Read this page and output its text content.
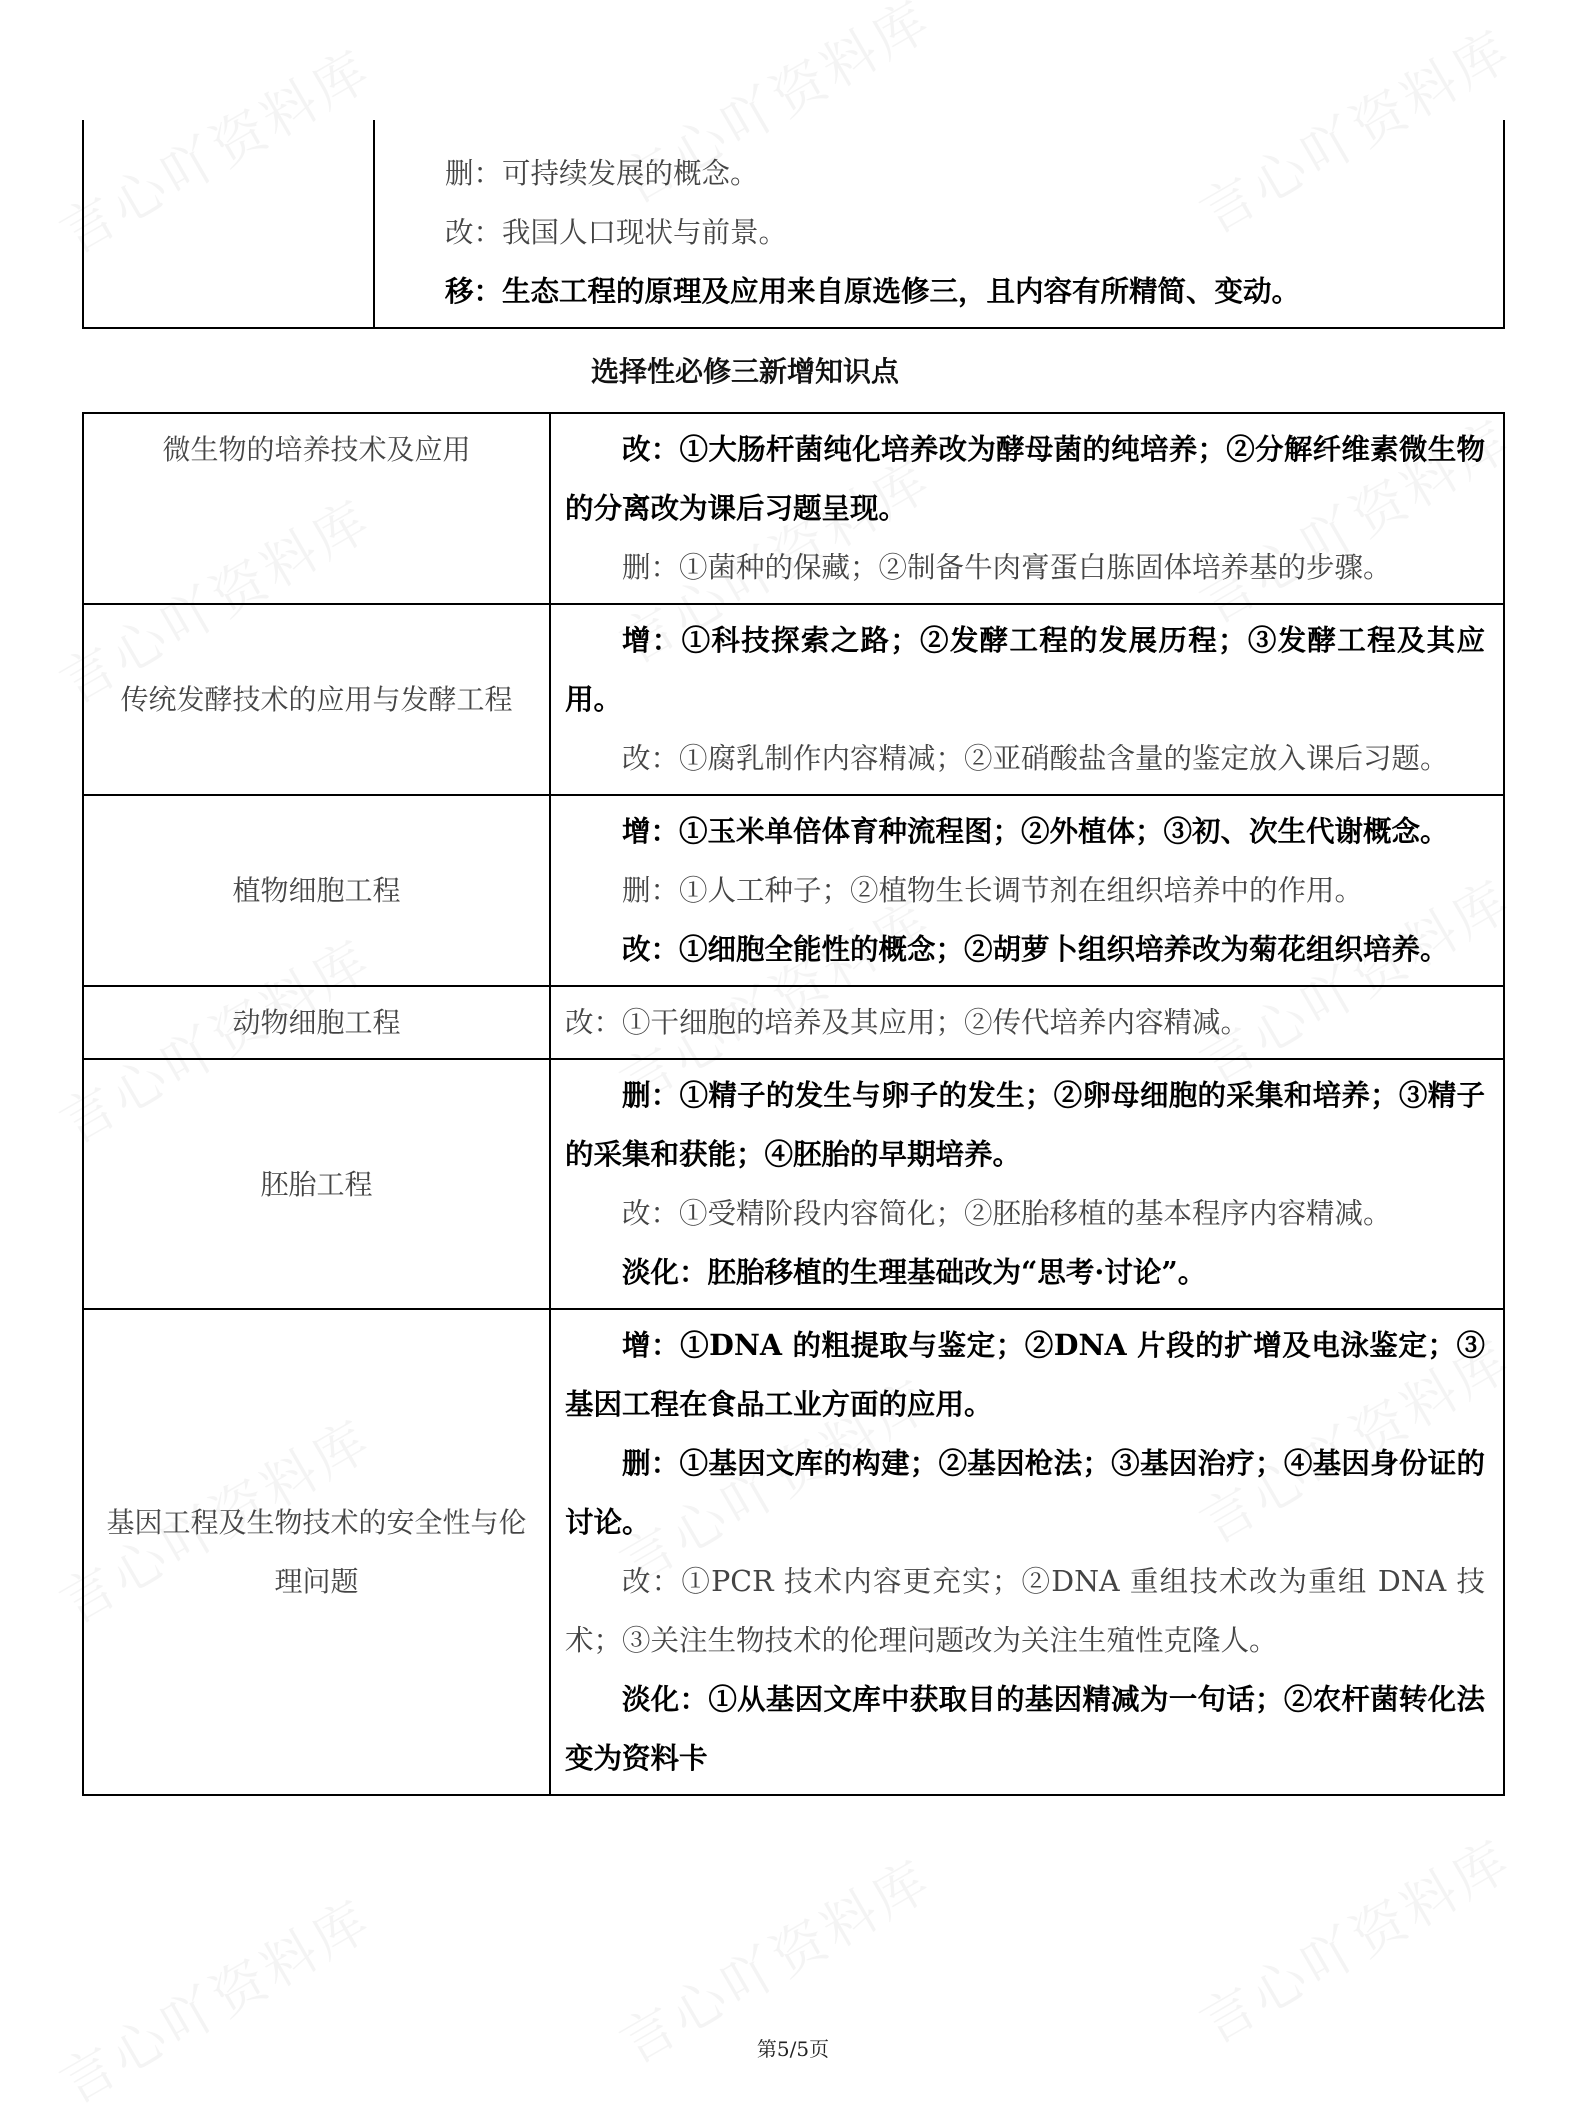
删：可持续发展的概念。

改：我国人口现状与前景。

移：生态工程的原理及应用来自原选修三，且内容有所精简、变动。

选择性必修三新增知识点
微生物的培养技术及应用	改：①大肠杆菌纯化培养改为酵母菌的纯培养；②分解纤维素微生物的分离改为课后习题呈现。

删：①菌种的保藏；②制备牛肉膏蛋白胨固体培养基的步骤。

传统发酵技术的应用与发酵工程	增：①科技探索之路；②发酵工程的发展历程；③发酵工程及其应用。

改：①腐乳制作内容精减；②亚硝酸盐含量的鉴定放入课后习题。

植物细胞工程	增：①玉米单倍体育种流程图；②外植体；③初、次生代谢概念。

删：①人工种子；②植物生长调节剂在组织培养中的作用。

改：①细胞全能性的概念；②胡萝卜组织培养改为菊花组织培养。

动物细胞工程	改：①干细胞的培养及其应用；②传代培养内容精减。

胚胎工程	删：①精子的发生与卵子的发生；②卵母细胞的采集和培养；③精子的采集和获能；④胚胎的早期培养。

改：①受精阶段内容简化；②胚胎移植的基本程序内容精减。

淡化：胚胎移植的生理基础改为“思考·讨论”。

基因工程及生物技术的安全性与伦理问题	增：①DNA 的粗提取与鉴定；②DNA 片段的扩增及电泳鉴定；③基因工程在食品工业方面的应用。

删：①基因文库的构建；②基因枪法；③基因治疗；④基因身份证的讨论。

改：①PCR 技术内容更充实；②DNA 重组技术改为重组 DNA 技术；③关注生物技术的伦理问题改为关注生殖性克隆人。

淡化：①从基因文库中获取目的基因精减为一句话；②农杆菌转化法变为资料卡

第5/5页
